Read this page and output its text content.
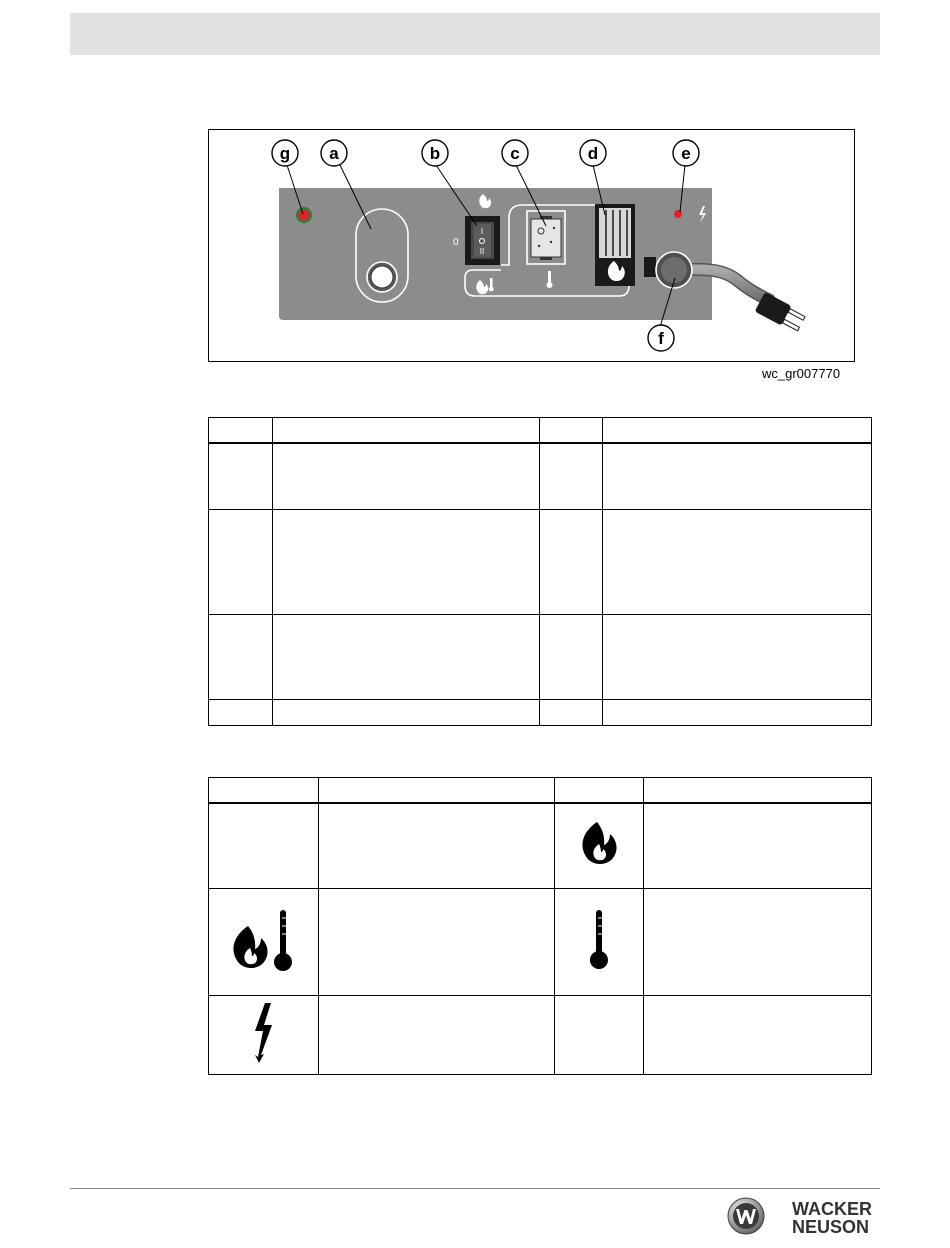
0
I
II
g a	b	c	d	e
f
wc_gr007770

WACKER
NEUSON
